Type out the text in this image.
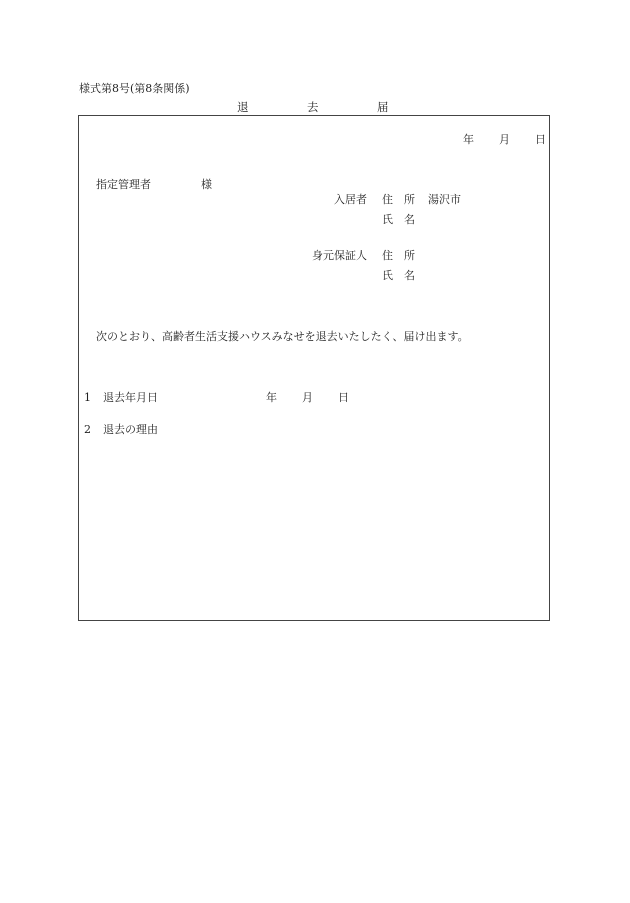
様式第8号(第8条関係)
退	去	届
年 月 日
指定管理者	様
入居者 住　所 湯沢市
氏　名
身元保証人 住　所
氏　名
次のとおり、高齢者生活支援ハウスみなせを退去いたしたく、届け出ます。
1 退去年月日	年 月 日
2 退去の理由
